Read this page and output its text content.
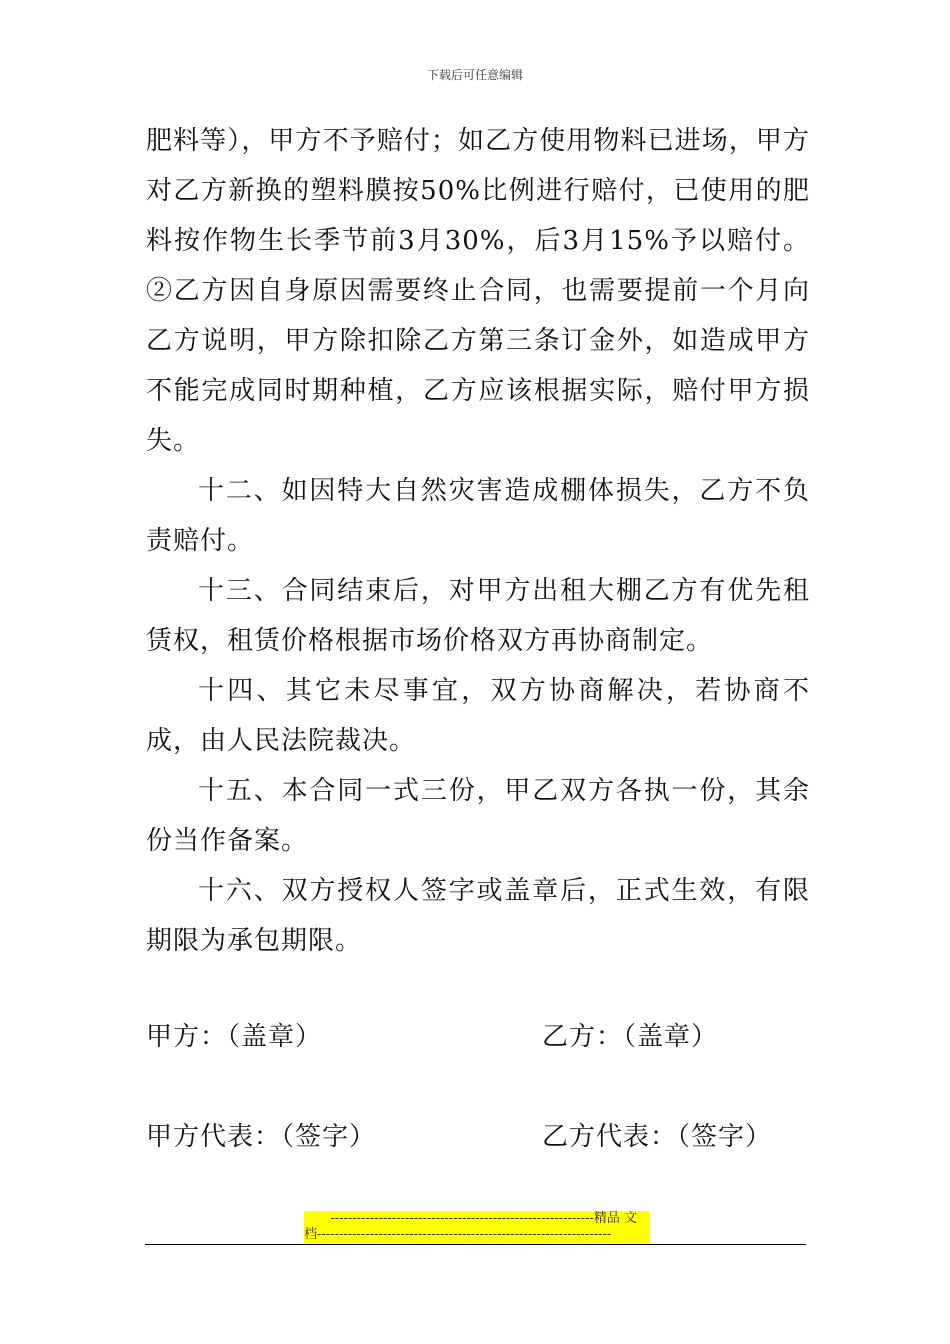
下载后可任意编辑

肥料等），甲方不予赔付；如乙方使用物料已进场，甲方对乙方新换的塑料膜按50%比例进行赔付，已使用的肥料按作物生长季节前3月30%，后3月15%予以赔付。②乙方因自身原因需要终止合同，也需要提前一个月向乙方说明，甲方除扣除乙方第三条订金外，如造成甲方不能完成同时期种植，乙方应该根据实际，赔付甲方损失。

十二、如因特大自然灾害造成棚体损失，乙方不负责赔付。

十三、合同结束后，对甲方出租大棚乙方有优先租赁权，租赁价格根据市场价格双方再协商制定。

十四、其它未尽事宜，双方协商解决，若协商不成，由人民法院裁决。

十五、本合同一式三份，甲乙双方各执一份，其余份当作备案。

十六、双方授权人签字或盖章后，正式生效，有限期限为承包期限。

甲方：（盖章）	乙方：（盖章）
甲方代表：（签字）	乙方代表：（签字）
------------------------------------------------------------精品 文
档-------------------------------------------------------------------
